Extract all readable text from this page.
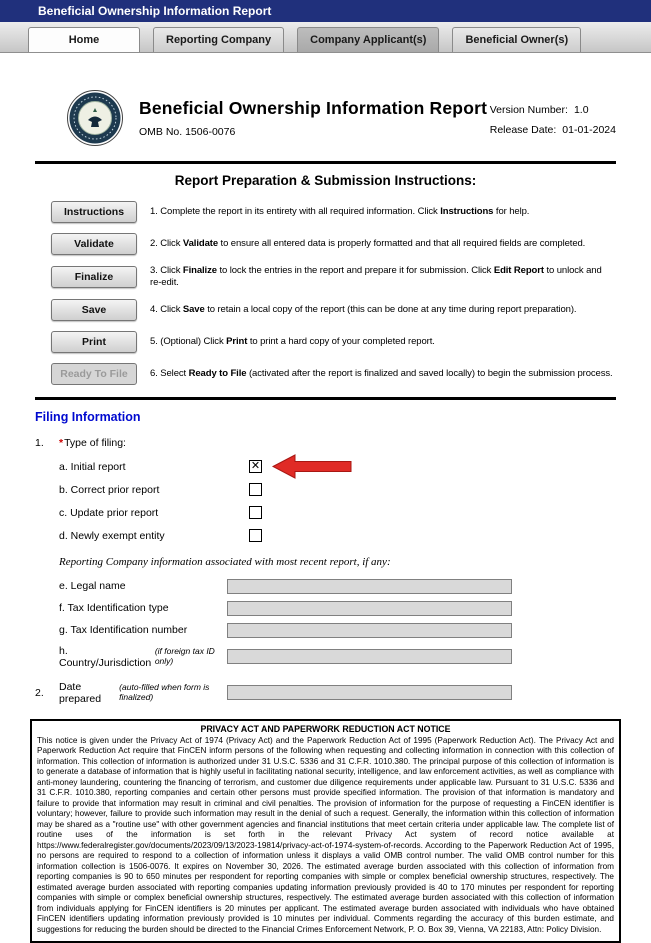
Beneficial Ownership Information Report
Home	Reporting Company	Company Applicant(s)	Beneficial Owner(s)
Beneficial Ownership Information Report
OMB No. 1506-0076
Version Number: 1.0
Release Date: 01-01-2024
Report Preparation & Submission Instructions:
Instructions	1. Complete the report in its entirety with all required information. Click Instructions for help.
Validate	2. Click Validate to ensure all entered data is properly formatted and that all required fields are completed.
Finalize
3. Click Finalize to lock the entries in the report and prepare it for submission. Click Edit Report to unlock and re-edit.
Save	4. Click Save to retain a local copy of the report (this can be done at any time during report preparation).
Print	5. (Optional) Click Print to print a hard copy of your completed report.
Ready To File	6. Select Ready to File (activated after the report is finalized and saved locally) to begin the submission process.
Filing Information
1.	* Type of filing:
a. Initial report	✕
b. Correct prior report
c. Update prior report
d. Newly exempt entity
Reporting Company information associated with most recent report, if any:
e. Legal name
f. Tax Identification type
g. Tax Identification number
h. Country/Jurisdiction
(if foreign tax ID only)
2.	Date prepared
(auto-filled when form is finalized)
PRIVACY ACT AND PAPERWORK REDUCTION ACT NOTICE
This notice is given under the Privacy Act of 1974 (Privacy Act) and the Paperwork Reduction Act of 1995 (Paperwork Reduction Act). The Privacy Act and Paperwork Reduction Act require that FinCEN inform persons of the following when requesting and collecting information in connection with this collection of information. This collection of information is authorized under 31 U.S.C. 5336 and 31 C.F.R. 1010.380. The principal purpose of this collection of information is to generate a database of information that is highly useful in facilitating national security, intelligence, and law enforcement activities, as well as compliance with anti-money laundering, countering the financing of terrorism, and customer due diligence requirements under applicable law. Pursuant to 31 U.S.C. 5336 and 31 C.F.R. 1010.380, reporting companies and certain other persons must provide specified information. The provision of that information is mandatory and failure to provide that information may result in criminal and civil penalties. The provision of information for the purpose of requesting a FinCEN identifier is voluntary; however, failure to provide such information may result in the denial of such a request. Generally, the information within this collection of information may be shared as a "routine use" with other government agencies and financial institutions that meet certain criteria under applicable law. The complete list of routine uses of the information is set forth in the relevant Privacy Act system of record notice available at https://www.federalregister.gov/documents/2023/09/13/2023-19814/privacy-act-of-1974-system-of-records. According to the Paperwork Reduction Act of 1995, no persons are required to respond to a collection of information unless it displays a valid OMB control number. The valid OMB control number for this information collection is 1506-0076. It expires on November 30, 2026. The estimated average burden associated with this collection of information from reporting companies is 90 to 650 minutes per respondent for reporting companies with simple or complex beneficial ownership structures, respectively. The estimated average burden associated with reporting companies updating information previously provided is 40 to 170 minutes per respondent for reporting companies with simple or complex beneficial ownership structures, respectively. The estimated average burden associated with this collection of information from individuals applying for FinCEN identifiers is 20 minutes per applicant. The estimated average burden associated with individuals who have obtained FinCEN identifiers updating information previously provided is 10 minutes per individual. Comments regarding the accuracy of this burden estimate, and suggestions for reducing the burden should be directed to the Financial Crimes Enforcement Network, P. O. Box 39, Vienna, VA 22183, Attn: Policy Division.
